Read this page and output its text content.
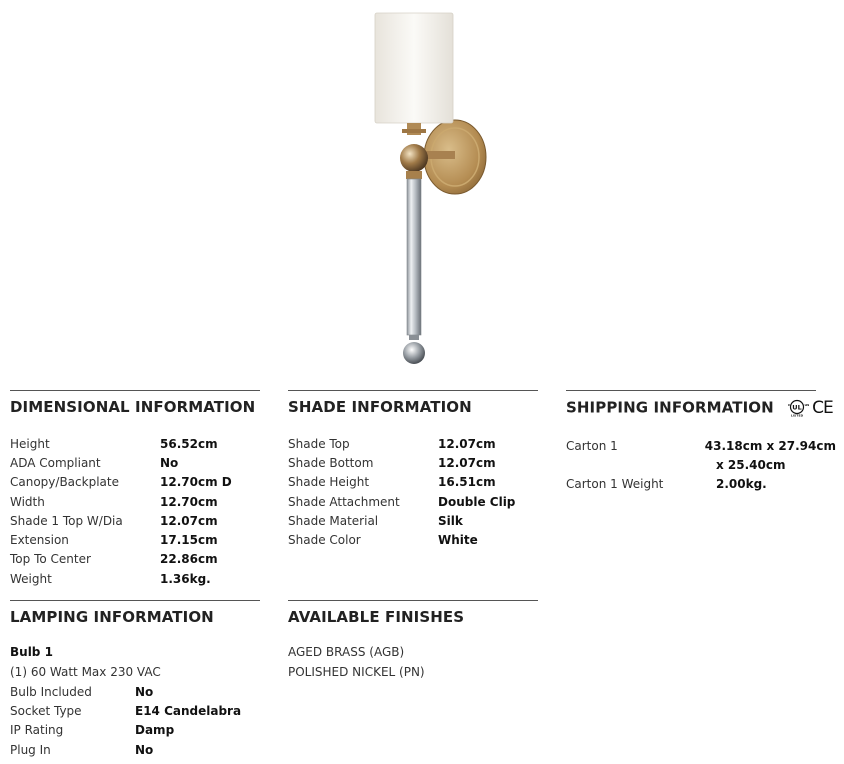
DIMENSIONAL INFORMATION
Height	56.52cm
ADA Compliant	No
Canopy/Backplate	12.70cm D
Width	12.70cm
Shade 1 Top W/Dia	12.07cm
Extension	17.15cm
Top To Center	22.86cm
Weight	1.36kg.
SHADE INFORMATION
Shade Top	12.07cm
Shade Bottom	12.07cm
Shade Height	16.51cm
Shade Attachment	Double Clip
Shade Material	Silk
Shade Color	White
SHIPPING INFORMATION	UL
c	us
LISTED CE
Carton 1	43.18cm x 27.94cm
x 25.40cm
Carton 1 Weight	2.00kg.
LAMPING INFORMATION
Bulb 1
(1) 60 Watt Max 230 VAC
Bulb Included	No
Socket Type	E14 Candelabra
IP Rating	Damp
Plug In	No
AVAILABLE FINISHES
AGED BRASS (AGB)
POLISHED NICKEL (PN)
